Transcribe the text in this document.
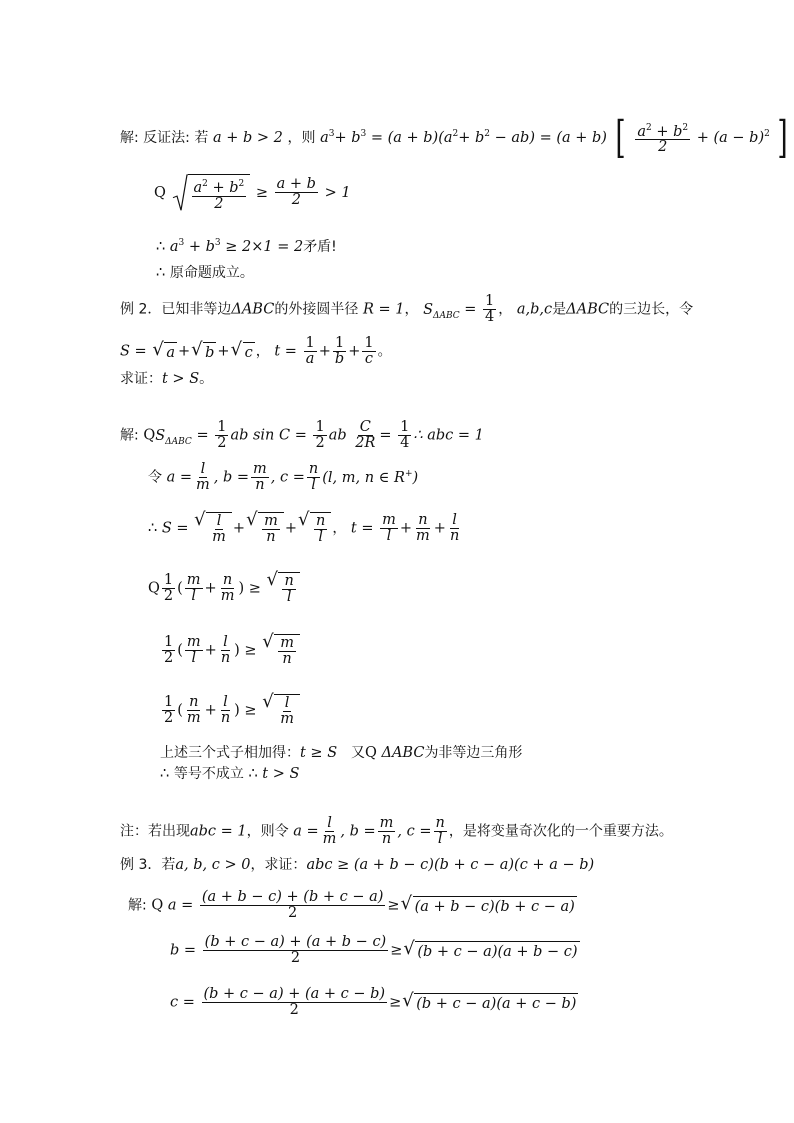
解: 反证法: 若 a + b > 2 ，则 $a^3+ b^3 = (a + b)(a^2+ b^2 - ab) = (a + b)$ [ $\frac{a^2 + b^2}{2} + (a - b)^2$ ]
Q $\frac{a^2 + b^2}{2} \ge \frac{a + b}{2} > 1$
∴ $a^3 + b^3 \ge 2\times 1 = 2$矛盾!
∴ 原命题成立。
例 2．已知非等边ΔABC的外接圆半径 R = 1， $S_{\Delta ABC} = \frac{1}{4}$ ， a,b,c是ΔABC的三边长，令
S = √ a + √ b + √ c ， $t = \frac{1}{a} + \frac{1}{b} + \frac{1}{c}$ 。
求证：t > S。
解: $QS_{\Delta ABC} = \frac{1}{2}$ ab $\sin C = \frac{1}{2}$ ab $\frac{C}{2R} = \frac{1}{4}$ ∴ abc = 1
令 $a = \frac{l}{m}$ , $b = \frac{m}{n}$ , $c = \frac{n}{l} (l$, m, n ∈ R+)
∴ S = √ $\frac{l}{m}$ + √ $\frac{m}{n}$ + √ $\frac{n}{l}$ ， $t = \frac{m}{l} + \frac{n}{m} + \frac{l}{n}$
Q $\frac{1}{2}$ ( $\frac{m}{l} + \frac{n}{m}$ ) ≥ √ $\frac{n}{l}$
$\frac{1}{2}$ ( $\frac{m}{l} + \frac{l}{n}$ ) ≥ √ $\frac{m}{n}$
$\frac{1}{2}$ ( $\frac{n}{m} + \frac{l}{n}$ ) ≥ √ $\frac{l}{m}$
上述三个式子相加得：t ≥ S 又Q ΔABC为非等边三角形
∴ 等号不成立 ∴ t > S
注：若出现abc = 1，则令 $a = \frac{l}{m}$ , $b = \frac{m}{n}$ , $c = \frac{n}{l}$ ，是将变量奇次化的一个重要方法。
例 3．若a, b, c > 0，求证：abc ≥ (a + b − c)(b + c − a)(c + a − b)
解: Q $a = \frac{(a + b - c) + (b + c - a)}{2}$ ≥ √ (a + b − c)(b + c − a)
$b = \frac{(b + c - a) + (a + b - c)}{2}$ ≥ √ (b + c − a)(a + b − c)
$c = \frac{(b + c - a) + (a + c - b)}{2}$ ≥ √ (b + c − a)(a + c − b)
